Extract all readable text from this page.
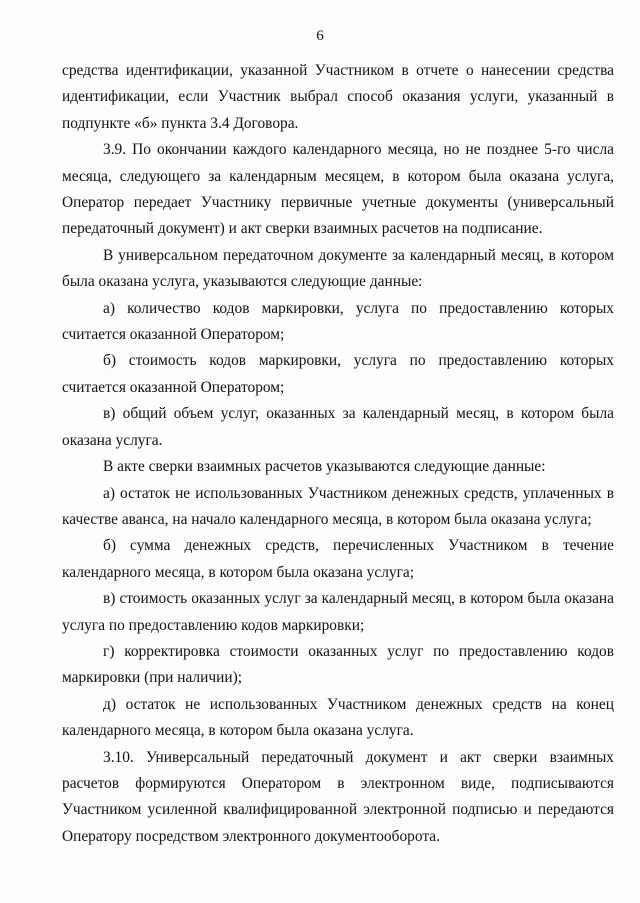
6

средства идентификации, указанной Участником в отчете о нанесении средства идентификации, если Участник выбрал способ оказания услуги, указанный в подпункте «б» пункта 3.4 Договора.

3.9. По окончании каждого календарного месяца, но не позднее 5-го числа месяца, следующего за календарным месяцем, в котором была оказана услуга, Оператор передает Участнику первичные учетные документы (универсальный передаточный документ) и акт сверки взаимных расчетов на подписание.

В универсальном передаточном документе за календарный месяц, в котором была оказана услуга, указываются следующие данные:

а) количество кодов маркировки, услуга по предоставлению которых считается оказанной Оператором;

б) стоимость кодов маркировки, услуга по предоставлению которых считается оказанной Оператором;

в) общий объем услуг, оказанных за календарный месяц, в котором была оказана услуга.

В акте сверки взаимных расчетов указываются следующие данные:

а) остаток не использованных Участником денежных средств, уплаченных в качестве аванса, на начало календарного месяца, в котором была оказана услуга;

б) сумма денежных средств, перечисленных Участником в течение календарного месяца, в котором была оказана услуга;

в) стоимость оказанных услуг за календарный месяц, в котором была оказана услуга по предоставлению кодов маркировки;

г) корректировка стоимости оказанных услуг по предоставлению кодов маркировки (при наличии);

д) остаток не использованных Участником денежных средств на конец календарного месяца, в котором была оказана услуга.

3.10. Универсальный передаточный документ и акт сверки взаимных расчетов формируются Оператором в электронном виде, подписываются Участником усиленной квалифицированной электронной подписью и передаются Оператору посредством электронного документооборота.
